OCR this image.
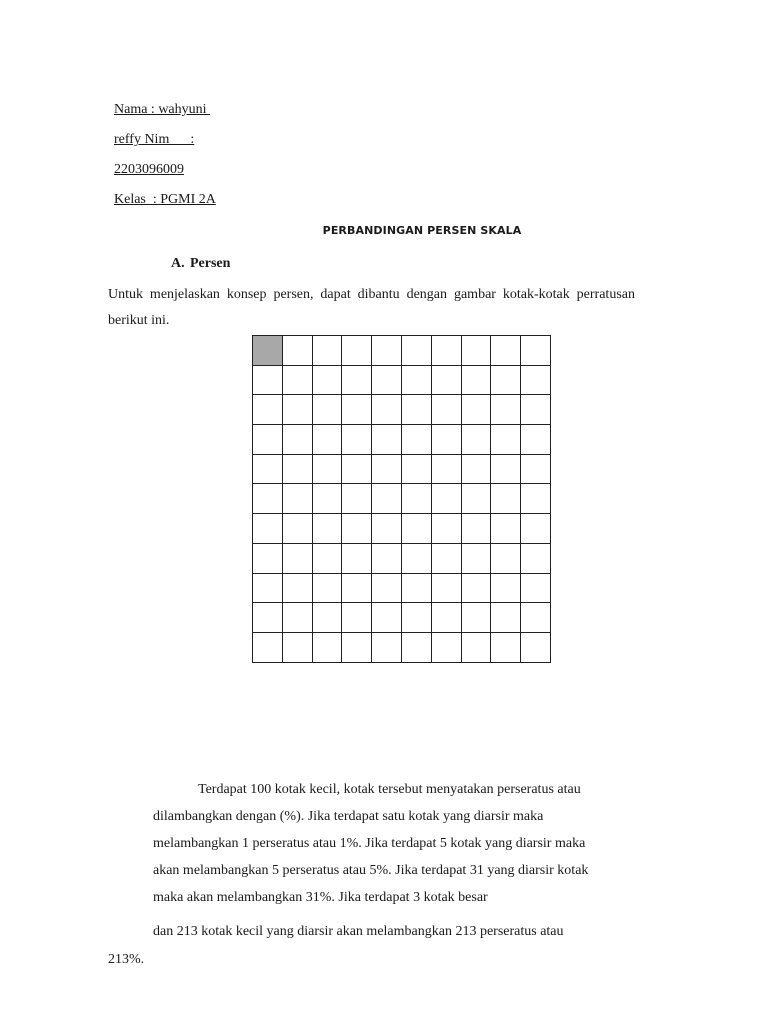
Nama : wahyuni
reffy Nim      :
2203096009
Kelas  : PGMI 2A
PERBANDINGAN PERSEN SKALA
A. Persen
Untuk menjelaskan konsep persen, dapat dibantu dengan gambar kotak-kotak perratusan berikut ini.
Terdapat 100 kotak kecil, kotak tersebut menyatakan perseratus atau
dilambangkan dengan (%). Jika terdapat satu kotak yang diarsir maka
melambangkan 1 perseratus atau 1%. Jika terdapat 5 kotak yang diarsir maka
akan melambangkan 5 perseratus atau 5%. Jika terdapat 31 yang diarsir kotak
maka akan melambangkan 31%. Jika terdapat 3 kotak besar
dan 213 kotak kecil yang diarsir akan melambangkan 213 perseratus atau
213%.
